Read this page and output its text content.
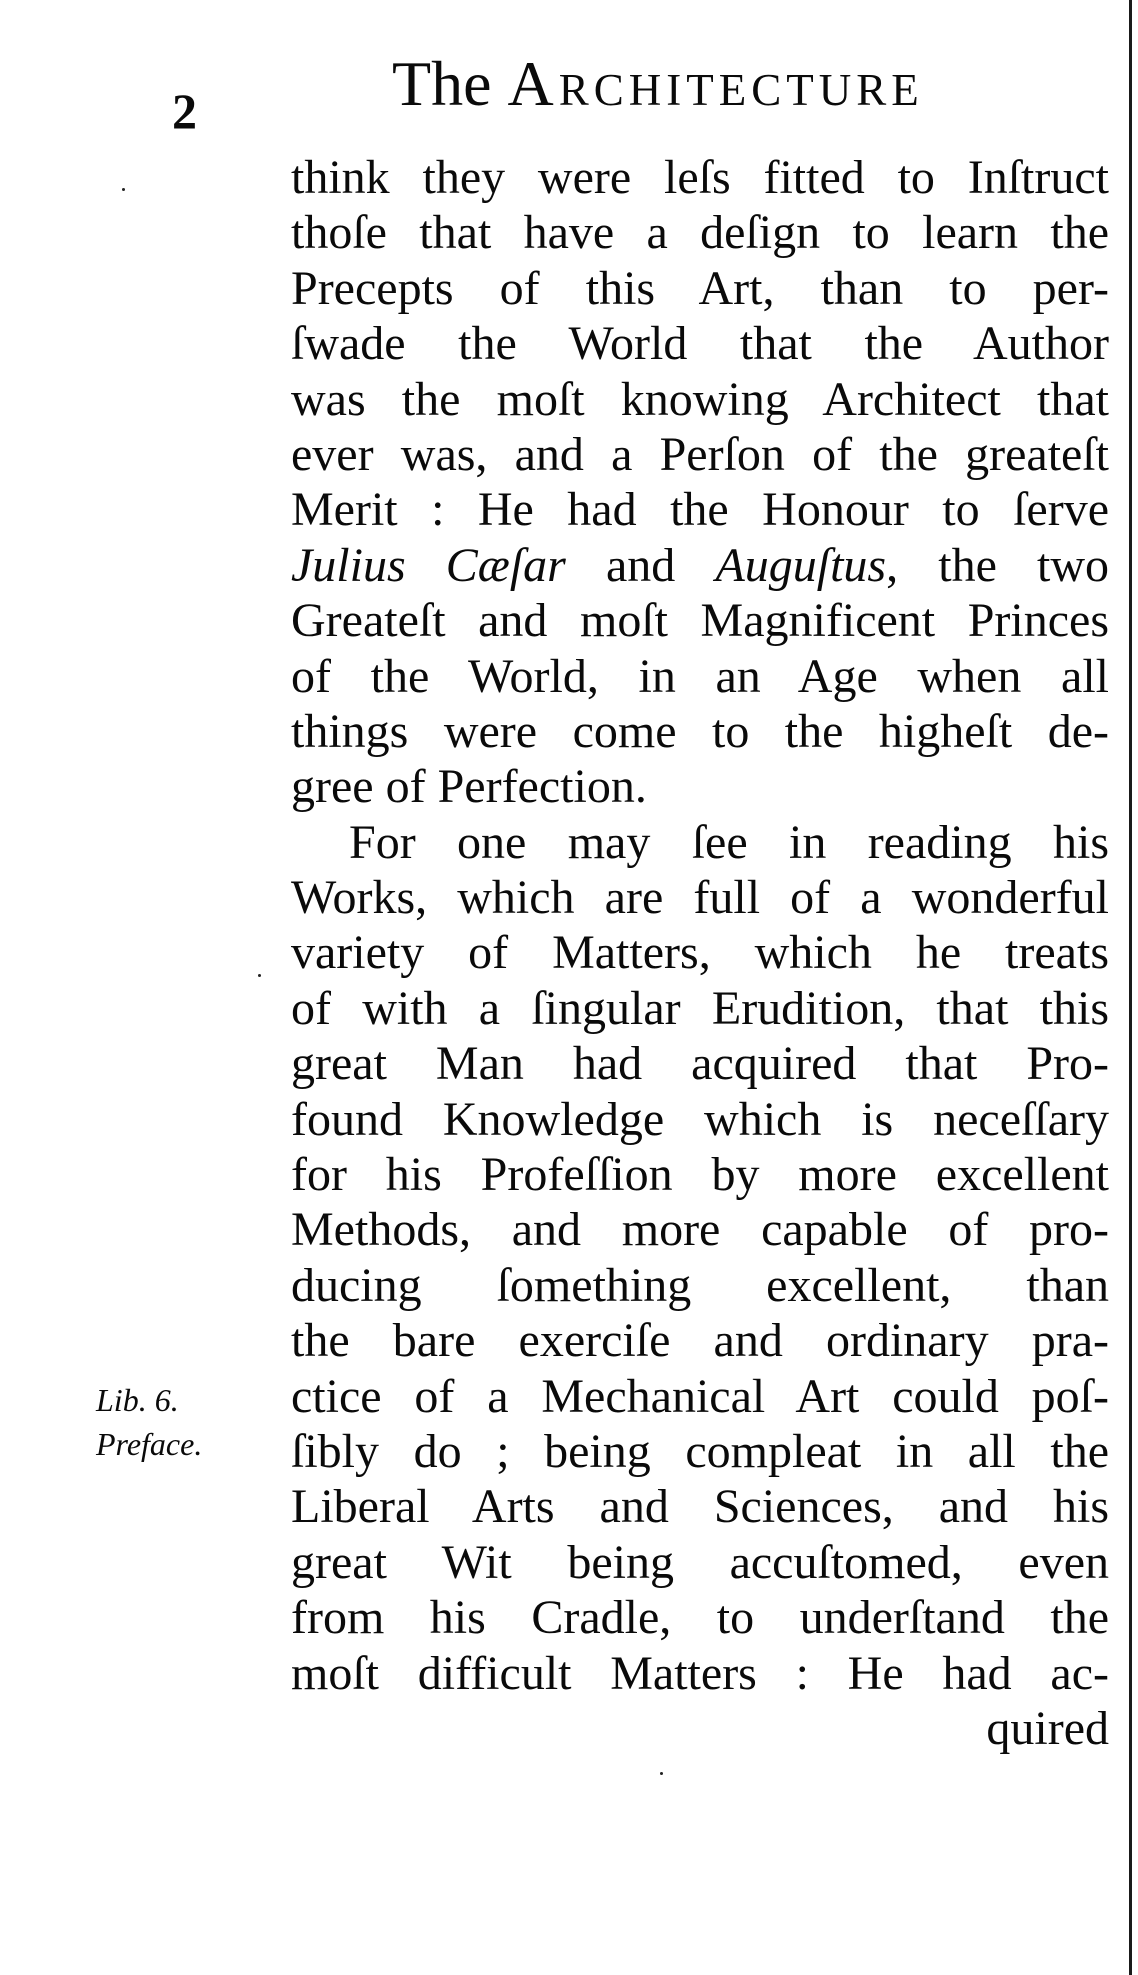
2	The Architecture
think they were leſs fitted to Inſtruct
thoſe that have a deſign to learn the
Precepts of this Art, than to per-
ſwade the World that the Author
was the moſt knowing Architect that
ever was, and a Perſon of the greateſt
Merit : He had the Honour to ſerve
Julius Cæſar and Auguſtus, the two
Greateſt and moſt Magnificent Princes
of the World, in an Age when all
things were come to the higheſt de-
gree of Perfection.
For one may ſee in reading his
Works, which are full of a wonderful
variety of Matters, which he treats
of with a ſingular Erudition, that this
great Man had acquired that Pro-
found Knowledge which is neceſſary
for his Profeſſion by more excellent
Methods, and more capable of pro-
ducing ſomething excellent, than
the bare exerciſe and ordinary pra-
ctice of a Mechanical Art could poſ-
ſibly do ; being compleat in all the
Liberal Arts and Sciences, and his
great Wit being accuſtomed, even
from his Cradle, to underſtand the
moſt difficult Matters : He had ac-
quired
Lib. 6.
Preface.
